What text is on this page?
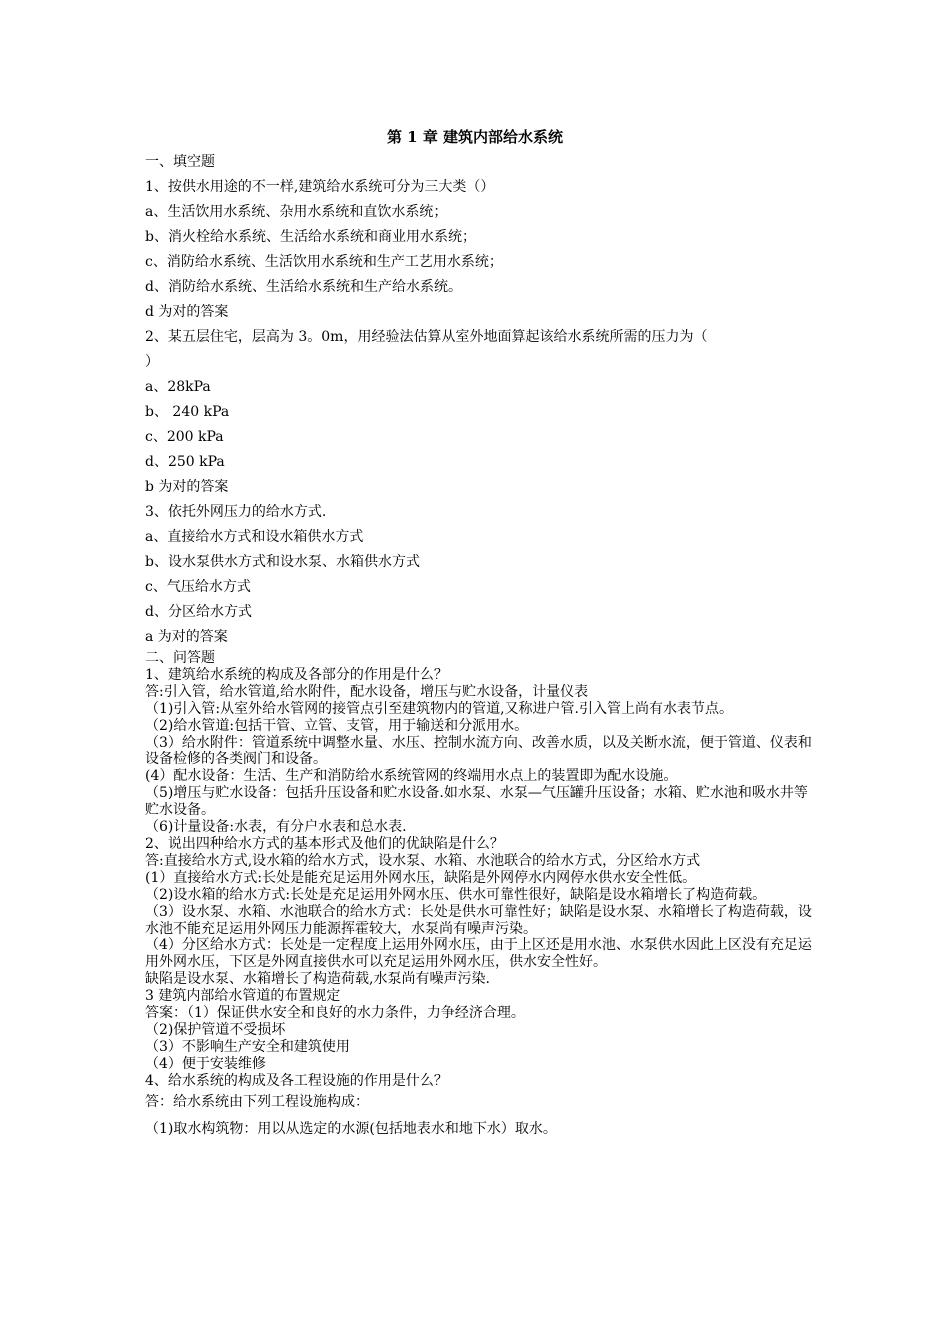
第 1 章 建筑内部给水系统
一、填空题
1、按供水用途的不一样,建筑给水系统可分为三大类（）
a、生活饮用水系统、杂用水系统和直饮水系统；
b、消火栓给水系统、生活给水系统和商业用水系统；
c、消防给水系统、生活饮用水系统和生产工艺用水系统；
d、消防给水系统、生活给水系统和生产给水系统。
d 为对的答案
2、某五层住宅，层高为 3。0m，用经验法估算从室外地面算起该给水系统所需的压力为（
）
a、28kPa
b、 240 kPa
c、200 kPa
d、250 kPa
b 为对的答案
3、依托外网压力的给水方式.
a、直接给水方式和设水箱供水方式
b、设水泵供水方式和设水泵、水箱供水方式
c、气压给水方式
d、分区给水方式
a 为对的答案
二、问答题
1、建筑给水系统的构成及各部分的作用是什么？
答:引入管，给水管道,给水附件，配水设备，增压与贮水设备，计量仪表
（1)引入管:从室外给水管网的接管点引至建筑物内的管道,又称进户管.引入管上尚有水表节点。
（2)给水管道:包括干管、立管、支管，用于输送和分派用水。
（3）给水附件：管道系统中调整水量、水压、控制水流方向、改善水质，以及关断水流，便于管道、仪表和设备检修的各类阀门和设备。
(4）配水设备：生活、生产和消防给水系统管网的终端用水点上的装置即为配水设施。
（5)增压与贮水设备：包括升压设备和贮水设备.如水泵、水泵—气压罐升压设备；水箱、贮水池和吸水井等贮水设备。
（6)计量设备:水表，有分户水表和总水表.
2、说出四种给水方式的基本形式及他们的优缺陷是什么？
答:直接给水方式,设水箱的给水方式，设水泵、水箱、水池联合的给水方式，分区给水方式
(1）直接给水方式:长处是能充足运用外网水压，缺陷是外网停水内网停水供水安全性低。
（2)设水箱的给水方式:长处是充足运用外网水压、供水可靠性很好，缺陷是设水箱增长了构造荷载。
（3）设水泵、水箱、水池联合的给水方式：长处是供水可靠性好；缺陷是设水泵、水箱增长了构造荷载，设水池不能充足运用外网压力能源挥霍较大，水泵尚有噪声污染。
（4）分区给水方式：长处是一定程度上运用外网水压，由于上区还是用水池、水泵供水因此上区没有充足运用外网水压，下区是外网直接供水可以充足运用外网水压，供水安全性好。
缺陷是设水泵、水箱增长了构造荷载,水泵尚有噪声污染.
3 建筑内部给水管道的布置规定
答案：（1）保证供水安全和良好的水力条件，力争经济合理。
（2)保护管道不受损坏
（3）不影响生产安全和建筑使用
（4）便于安装维修
4、给水系统的构成及各工程设施的作用是什么？
答：给水系统由下列工程设施构成：
（1)取水构筑物：用以从选定的水源(包括地表水和地下水）取水。
